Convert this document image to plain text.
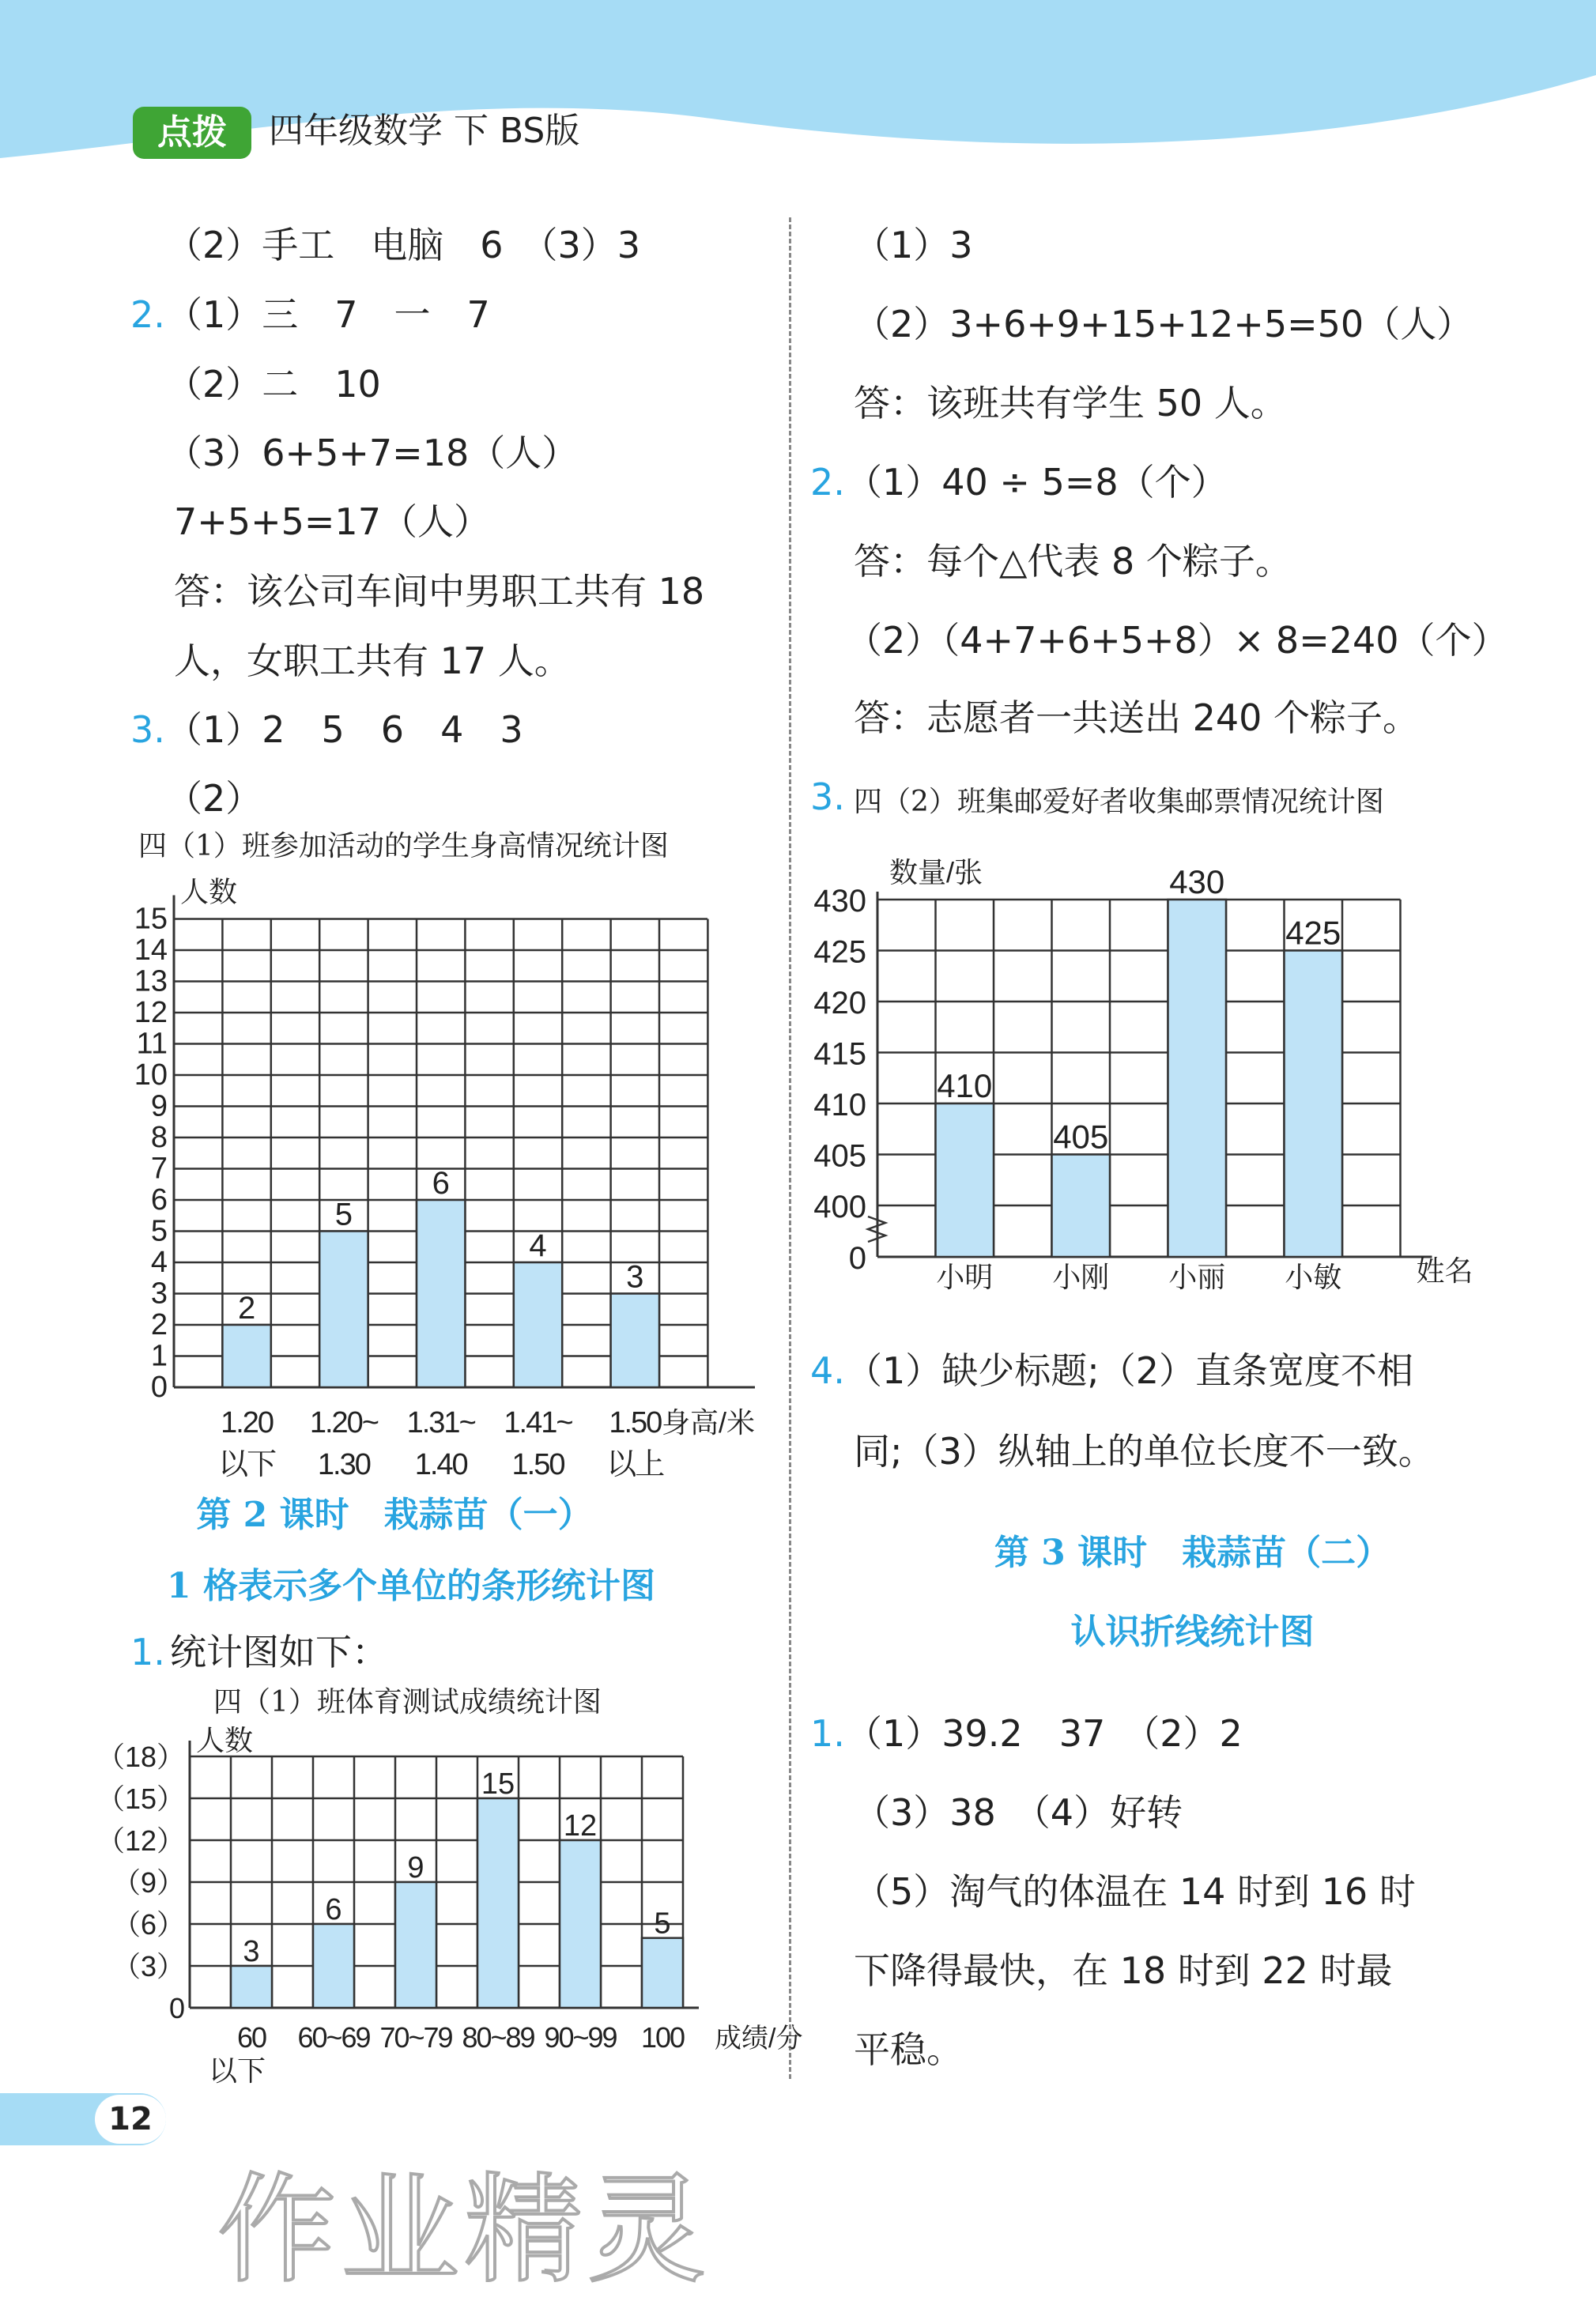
点拨	四年级数学 下 BS版
（2）手工　电脑　6　（3）3
2. （1）三　7　一　7
（2）二　10
（3）6+5+7=18（人）
7+5+5=17（人）
答：该公司车间中男职工共有 18
人，女职工共有 17 人。
3. （1）2　5　6　4　3
（2）
四（1）班参加活动的学生身高情况统计图
0
1
2
3
4
5
6
7
8
9
10
11
12
13
14
15
人数
2
1.20
以下
5
1.20~
1.30
6
1.31~
1.40
4
1.41~
1.50
3
1.50
以上
身高/米
第 2 课时　栽蒜苗（一）
1 格表示多个单位的条形统计图
1. 统计图如下：
四（1）班体育测试成绩统计图
0
（3）
（6）
（9）
（12）
（15）
（18）
人数
3
60
6
60~69
9
70~79
15
80~89
12
90~99
5
100
以下
成绩/分
（1）3
（2）3+6+9+15+12+5=50（人）
答：该班共有学生 50 人。
2. （1）40 ÷ 5=8（个）
答：每个△代表 8 个粽子。
（2）（4+7+6+5+8）× 8=240（个）
答：志愿者一共送出 240 个粽子。
3. 四（2）班集邮爱好者收集邮票情况统计图
0
400
405
410
415
420
425
430
数量/张
410
小明
405
小刚
430
小丽
425
小敏	姓名
4. （1）缺少标题;（2）直条宽度不相
同;（3）纵轴上的单位长度不一致。
第 3 课时　栽蒜苗（二）
认识折线统计图
1. （1）39.2　37　（2）2
（3）38　（4）好转
（5）淘气的体温在 14 时到 16 时
下降得最快，在 18 时到 22 时最
平稳。
12
作业精灵
